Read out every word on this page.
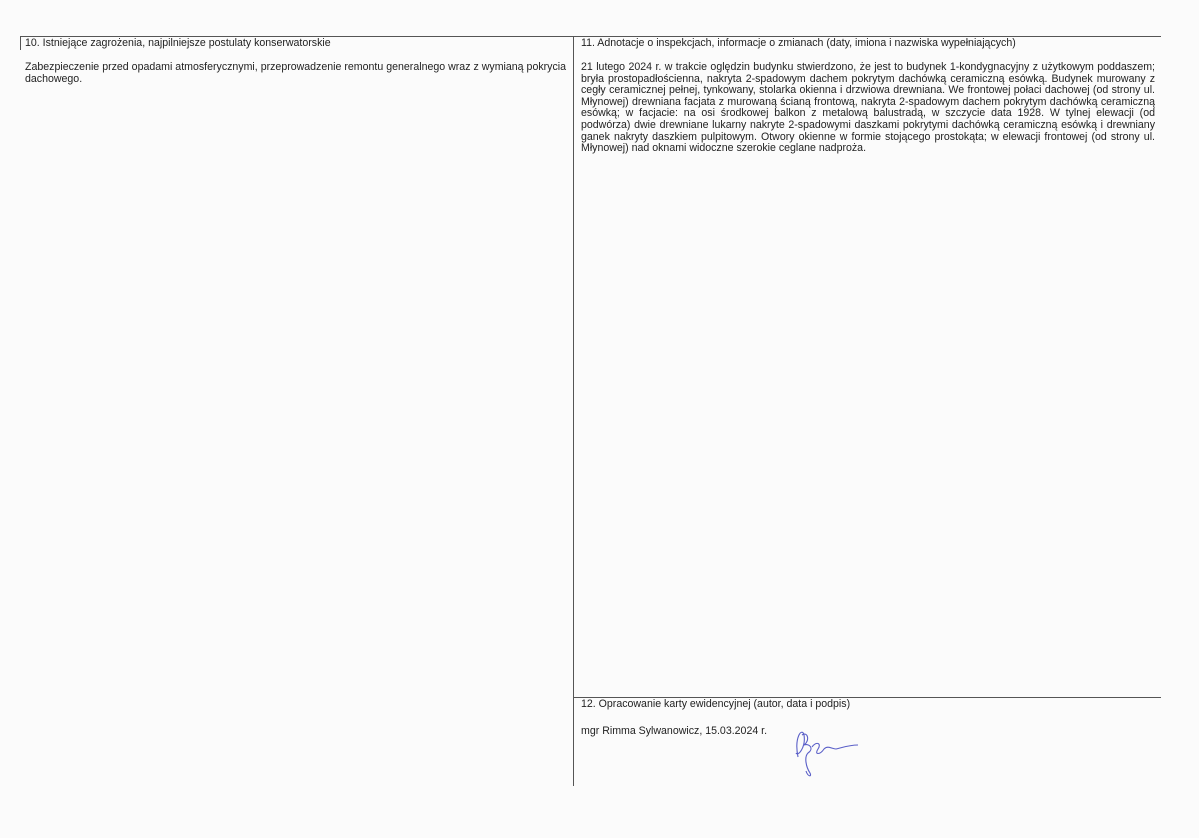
10. Istniejące zagrożenia, najpilniejsze postulaty konserwatorskie
Zabezpieczenie przed opadami atmosferycznymi, przeprowadzenie remontu generalnego wraz z wymianą pokrycia dachowego.
11. Adnotacje o inspekcjach, informacje o zmianach (daty, imiona i nazwiska wypełniających)
21 lutego 2024 r. w trakcie oględzin budynku stwierdzono, że jest to budynek 1-kondygnacyjny z użytkowym poddaszem; bryła prostopadłościenna, nakryta 2-spadowym dachem pokrytym dachówką ceramiczną esówką. Budynek murowany z cegły ceramicznej pełnej, tynkowany, stolarka okienna i drzwiowa drewniana. We frontowej połaci dachowej (od strony ul. Młynowej) drewniana facjata z murowaną ścianą frontową, nakryta 2-spadowym dachem pokrytym dachówką ceramiczną esówką; w facjacie: na osi środkowej balkon z metalową balustradą, w szczycie data 1928. W tylnej elewacji (od podwórza) dwie drewniane lukarny nakryte 2-spadowymi daszkami pokrytymi dachówką ceramiczną esówką i drewniany ganek nakryty daszkiem pulpitowym. Otwory okienne w formie stojącego prostokąta; w elewacji frontowej (od strony ul. Młynowej) nad oknami widoczne szerokie ceglane nadproża.
12. Opracowanie karty ewidencyjnej (autor, data i podpis)
mgr Rimma Sylwanowicz, 15.03.2024 r.
